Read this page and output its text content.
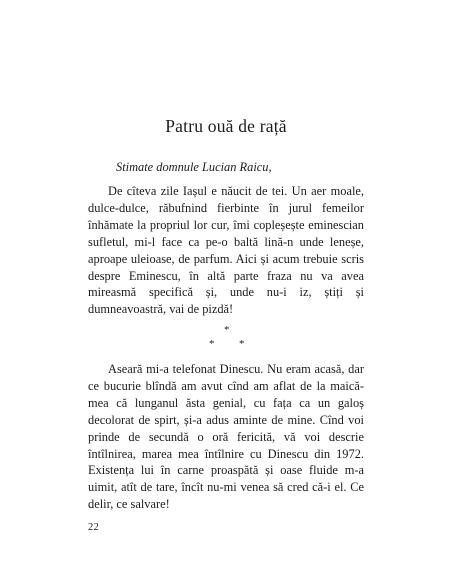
Patru ouă de rață

Stimate domnule Lucian Raicu,

De cîteva zile Iașul e năucit de tei. Un aer moale, dulce-dulce, răbufnind fierbinte în jurul femeilor înhămate la propriul lor cur, îmi copleșește eminescian sufletul, mi-l face ca pe-o baltă lină-n unde leneșe, aproape uleioase, de parfum. Aici și acum trebuie scris despre Eminescu, în altă parte fraza nu va avea mireasmă specifică și, unde nu-i iz, știți și dumneavoastră, vai de pizdă!

*
* *

Aseară mi-a telefonat Dinescu. Nu eram acasă, dar ce bucurie blîndă am avut cînd am aflat de la maică-mea că lunganul ăsta genial, cu fața ca un galoș decolorat de spirt, și-a adus aminte de mine. Cînd voi prinde de secundă o oră fericită, vă voi descrie întîlnirea, marea mea întîlnire cu Dinescu din 1972. Existența lui în carne proaspătă și oase fluide m-a uimit, atît de tare, încît nu-mi venea să cred că-i el. Ce delir, ce salvare!

22
